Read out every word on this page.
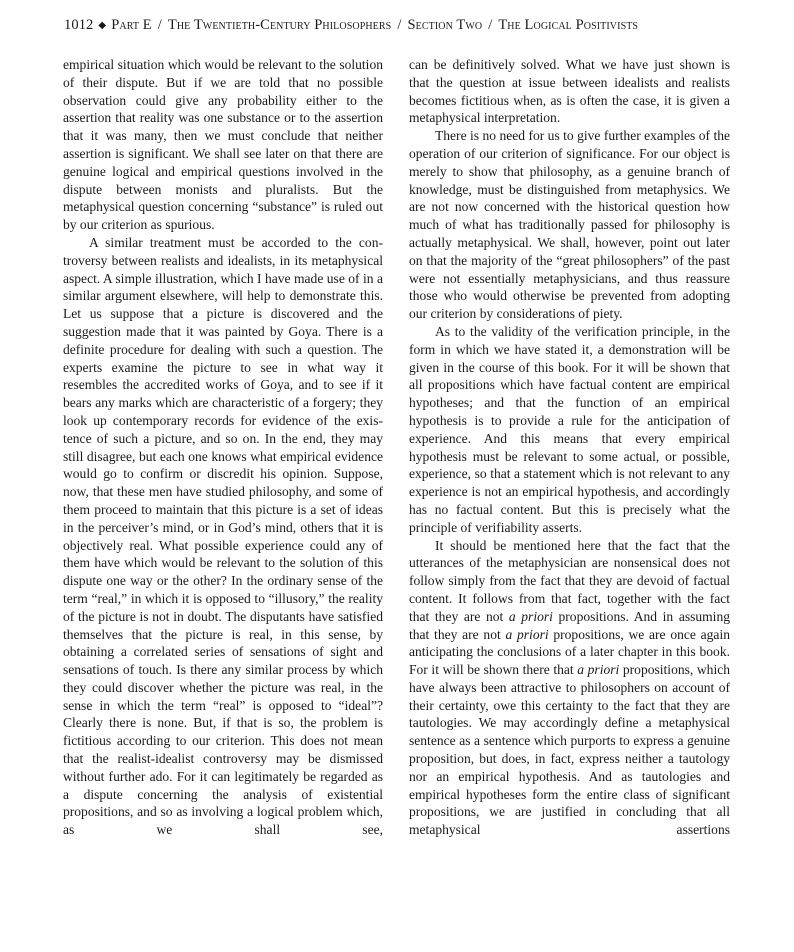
1012 ◆ Part E / The Twentieth-Century Philosophers / Section Two / The Logical Positivists

empirical situation which would be relevant to the solution of their dispute. But if we are told that no possible observation could give any probability either to the assertion that reality was one substance or to the assertion that it was many, then we must conclude that neither assertion is significant. We shall see later on that there are genuine logical and empirical questions involved in the dispute between monists and pluralists. But the metaphysical question concerning “substance” is ruled out by our criterion as spurious.

A similar treatment must be accorded to the controversy between realists and idealists, in its metaphysical aspect. A simple illustration, which I have made use of in a similar argument elsewhere, will help to demonstrate this. Let us suppose that a picture is discovered and the suggestion made that it was painted by Goya. There is a definite procedure for dealing with such a question. The experts examine the picture to see in what way it resembles the accredited works of Goya, and to see if it bears any marks which are characteristic of a forgery; they look up contemporary records for evidence of the existence of such a picture, and so on. In the end, they may still disagree, but each one knows what empirical evidence would go to confirm or discredit his opinion. Suppose, now, that these men have studied philosophy, and some of them proceed to maintain that this picture is a set of ideas in the perceiver’s mind, or in God’s mind, others that it is objectively real. What possible experience could any of them have which would be relevant to the solution of this dispute one way or the other? In the ordinary sense of the term “real,” in which it is opposed to “illusory,” the reality of the picture is not in doubt. The disputants have satisfied themselves that the picture is real, in this sense, by obtaining a correlated series of sensations of sight and sensations of touch. Is there any similar process by which they could discover whether the picture was real, in the sense in which the term “real” is opposed to “ideal”? Clearly there is none. But, if that is so, the problem is fictitious according to our criterion. This does not mean that the realist-idealist controversy may be dismissed without further ado. For it can legitimately be regarded as a dispute concerning the analysis of existential propositions, and so as involving a logical problem which, as we shall see,

can be definitively solved. What we have just shown is that the question at issue between idealists and realists becomes fictitious when, as is often the case, it is given a metaphysical interpretation.

There is no need for us to give further examples of the operation of our criterion of significance. For our object is merely to show that philosophy, as a genuine branch of knowledge, must be distinguished from metaphysics. We are not now concerned with the historical question how much of what has traditionally passed for philosophy is actually metaphysical. We shall, however, point out later on that the majority of the “great philosophers” of the past were not essentially metaphysicians, and thus reassure those who would otherwise be prevented from adopting our criterion by considerations of piety.

As to the validity of the verification principle, in the form in which we have stated it, a demonstration will be given in the course of this book. For it will be shown that all propositions which have factual content are empirical hypotheses; and that the function of an empirical hypothesis is to provide a rule for the anticipation of experience. And this means that every empirical hypothesis must be relevant to some actual, or possible, experience, so that a statement which is not relevant to any experience is not an empirical hypothesis, and accordingly has no factual content. But this is precisely what the principle of verifiability asserts.

It should be mentioned here that the fact that the utterances of the metaphysician are nonsensical does not follow simply from the fact that they are devoid of factual content. It follows from that fact, together with the fact that they are not a priori propositions. And in assuming that they are not a priori propositions, we are once again anticipating the conclusions of a later chapter in this book. For it will be shown there that a priori propositions, which have always been attractive to philosophers on account of their certainty, owe this certainty to the fact that they are tautologies. We may accordingly define a metaphysical sentence as a sentence which purports to express a genuine proposition, but does, in fact, express neither a tautology nor an empirical hypothesis. And as tautologies and empirical hypotheses form the entire class of significant propositions, we are justified in concluding that all metaphysical assertions
